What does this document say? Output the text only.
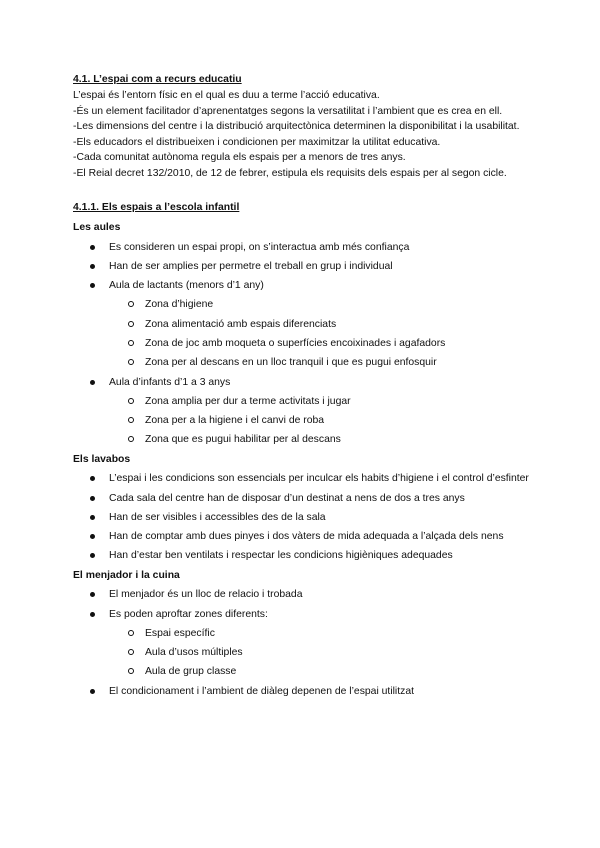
4.1. L’espai com a recurs educatiu
L’espai és l’entorn físic en el qual es duu a terme l’acció educativa.
-És un element facilitador d’aprenentatges segons la versatilitat i l’ambient que es crea en ell.
-Les dimensions del centre i la distribució arquitectònica determinen la disponibilitat i la usabilitat.
-Els educadors el distribueixen i condicionen per maximitzar la utilitat educativa.
-Cada comunitat autònoma regula els espais per a menors de tres anys.
-El Reial decret 132/2010, de 12 de febrer, estipula els requisits dels espais per al segon cicle.
4.1.1. Els espais a l’escola infantil
Les aules
Es consideren un espai propi, on s’interactua amb més confiança
Han de ser amplies per permetre el treball en grup i individual
Aula de lactants (menors d’1 any)
Zona d’higiene
Zona alimentació amb espais diferenciats
Zona de joc amb moqueta o superfícies encoixinades i agafadors
Zona per al descans en un lloc tranquil i que es pugui enfosquir
Aula d’infants d’1 a 3 anys
Zona amplia per dur a terme activitats i jugar
Zona per a la higiene i el canvi de roba
Zona que es pugui habilitar per al descans
Els lavabos
L’espai i les condicions son essencials per inculcar els habits d’higiene i el control d’esfinter
Cada sala del centre han de disposar d’un destinat a nens de dos a tres anys
Han de ser visibles i accessibles des de la sala
Han de comptar amb dues pinyes i dos vàters de mida adequada a l’alçada dels nens
Han d’estar ben ventilats i respectar les condicions higièniques adequades
El menjador i la cuina
El menjador és un lloc de relacio i trobada
Es poden aproftar zones diferents:
Espai específic
Aula d’usos múltiples
Aula de grup classe
El condicionament i l’ambient de diàleg depenen de l’espai utilitzat
